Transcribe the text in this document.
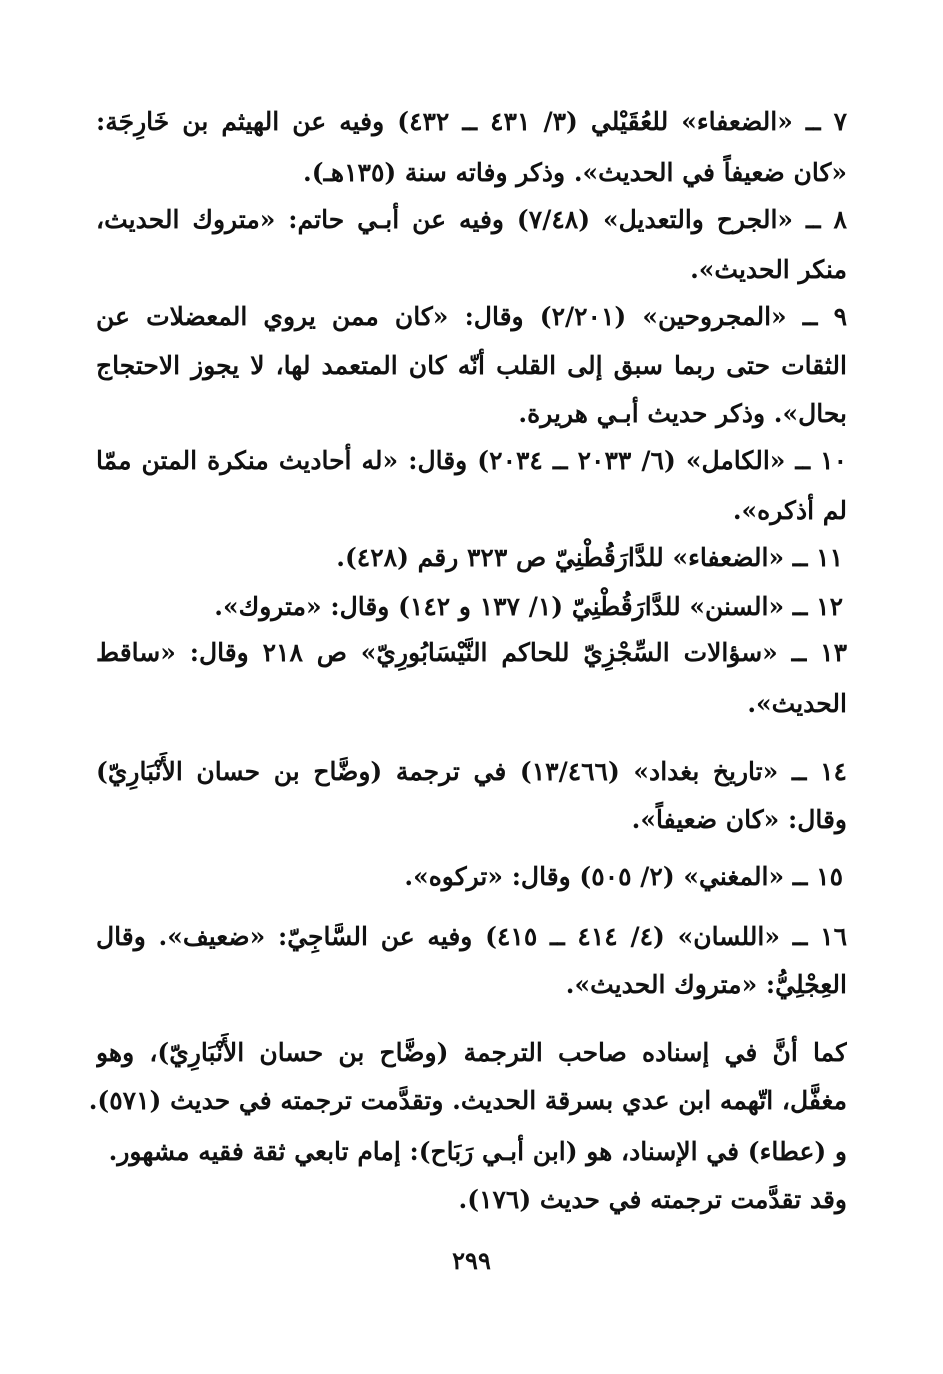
٧ ــ «الضعفاء» للعُقَيْلي (٣/ ٤٣١ ــ ٤٣٢) وفيه عن الهيثم بن خَارِجَة:
«كان ضعيفاً في الحديث». وذكر وفاته سنة (١٣٥هـ).
٨ ــ «الجرح والتعديل» (٧/٤٨) وفيه عن أبـي حاتم: «متروك الحديث،
منكر الحديث».
٩ ــ «المجروحين» (٢/٢٠١) وقال: «كان ممن يروي المعضلات عن
الثقات حتى ربما سبق إلى القلب أنّه كان المتعمد لها، لا يجوز الاحتجاج
بحال». وذكر حديث أبـي هريرة.
١٠ ــ «الكامل» (٦/ ٢٠٣٣ ــ ٢٠٣٤) وقال: «له أحاديث منكرة المتن ممّا
لم أذكره».
١١ ــ «الضعفاء» للدَّارَقُطْنِيّ ص ٣٢٣ رقم (٤٢٨).
١٢ ــ «السنن» للدَّارَقُطْنِيّ (١/ ١٣٧ و ١٤٢) وقال: «متروك».
١٣ ــ «سؤالات السِّجْزِيّ للحاكم النَّيْسَابُورِيّ» ص ٢١٨ وقال: «ساقط
الحديث».
١٤ ــ «تاريخ بغداد» (١٣/٤٦٦) في ترجمة (وضَّاح بن حسان الأَنْبَارِيّ)
وقال: «كان ضعيفاً».
١٥ ــ «المغني» (٢/ ٥٠٥) وقال: «تركوه».
١٦ ــ «اللسان» (٤/ ٤١٤ ــ ٤١٥) وفيه عن السَّاجِيّ: «ضعيف». وقال
العِجْلِيُّ: «متروك الحديث».
كما أنَّ في إسناده صاحب الترجمة (وضَّاح بن حسان الأَنْبَارِيّ)، وهو
مغفَّل، اتّهمه ابن عدي بسرقة الحديث. وتقدَّمت ترجمته في حديث (٥٧١).
و (عطاء) في الإسناد، هو (ابن أبـي رَبَاح): إمام تابعي ثقة فقيه مشهور.
وقد تقدَّمت ترجمته في حديث (١٧٦).
٢٩٩
